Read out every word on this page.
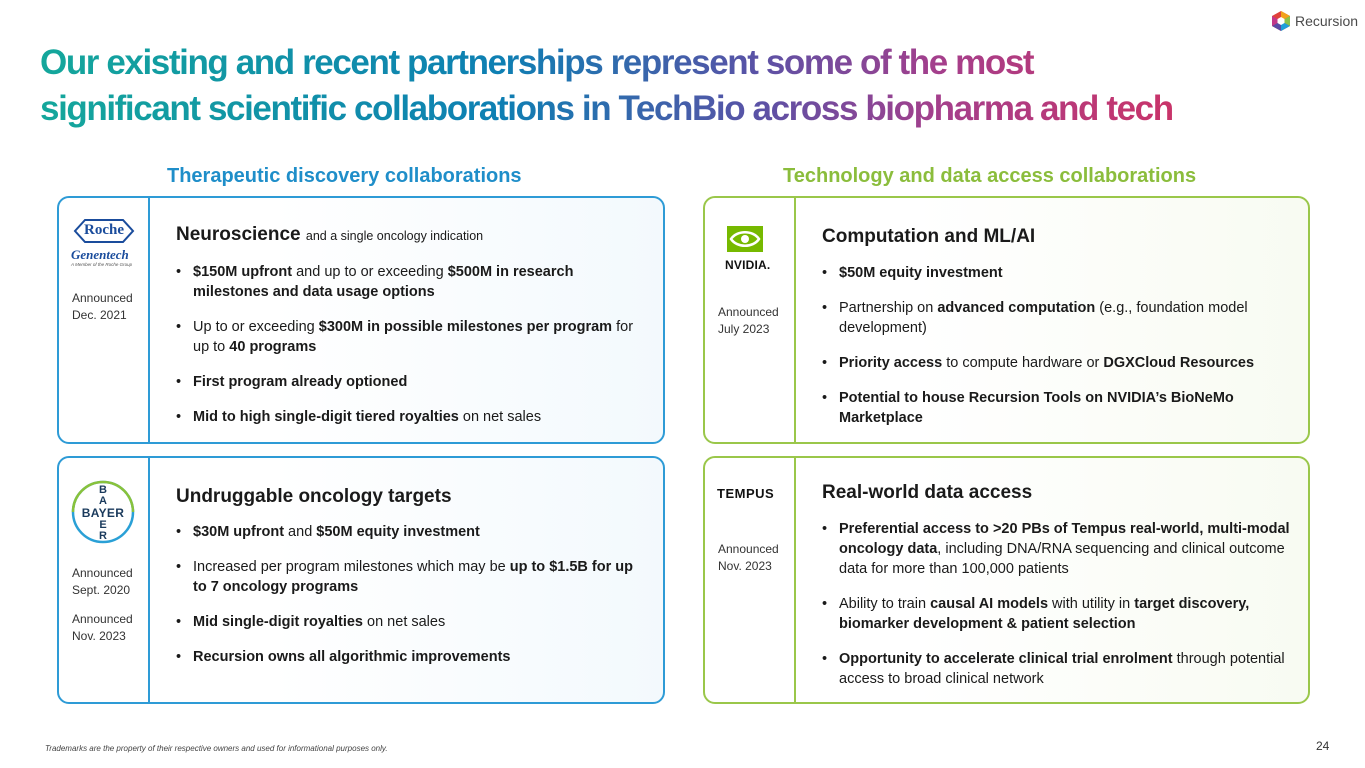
Recursion
Our existing and recent partnerships represent some of the most
significant scientific collaborations in TechBio across biopharma and tech
Therapeutic discovery collaborations	Technology and data access collaborations
Roche
Genentech
A Member of the Roche Group

Announced
Dec. 2021

Neuroscience and a single oncology indication

• $150M upfront and up to or exceeding $500M in research milestones and data usage options
• Up to or exceeding $300M in possible milestones per program for up to 40 programs
• First program already optioned
• Mid to high single-digit tiered royalties on net sales
B
A
BAYER
E
R

Announced
Sept. 2020

Announced
Nov. 2023

Undruggable oncology targets

• $30M upfront and $50M equity investment
• Increased per program milestones which may be up to $1.5B for up to 7 oncology programs
• Mid single-digit royalties on net sales
• Recursion owns all algorithmic improvements
NVIDIA.

Announced
July 2023

Computation and ML/AI

• $50M equity investment
• Partnership on advanced computation (e.g., foundation model development)
• Priority access to compute hardware or DGXCloud Resources
• Potential to house Recursion Tools on NVIDIA’s BioNeMo Marketplace
TEMPUS

Announced
Nov. 2023

Real-world data access

• Preferential access to >20 PBs of Tempus real-world, multi-modal oncology data, including DNA/RNA sequencing and clinical outcome data for more than 100,000 patients
• Ability to train causal AI models with utility in target discovery, biomarker development & patient selection
• Opportunity to accelerate clinical trial enrolment through potential access to broad clinical network

Trademarks are the property of their respective owners and used for informational purposes only.	24
